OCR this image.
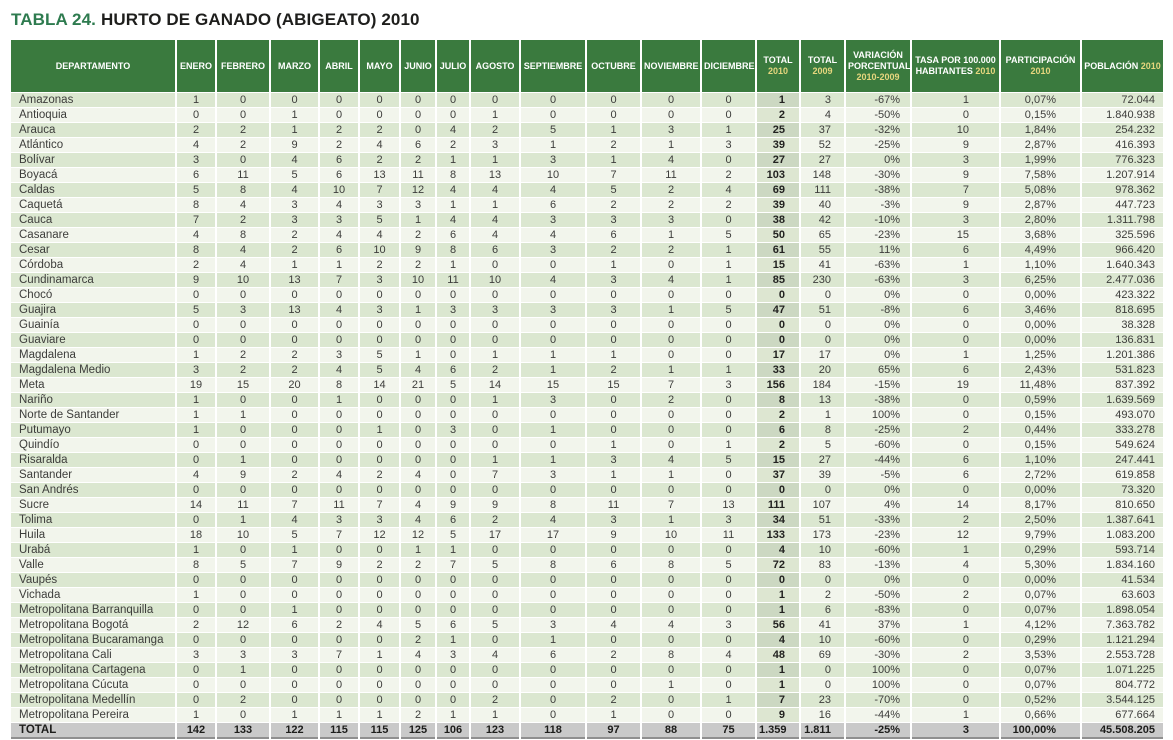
TABLA 24. HURTO DE GANADO (ABIGEATO) 2010
DEPARTAMENTO	ENERO	FEBRERO	MARZO	ABRIL	MAYO	JUNIO	JULIO	AGOSTO	SEPTIEMBRE	OCTUBRE	NOVIEMBRE	DICIEMBRE	TOTAL 2010	TOTAL 2009	VARIACIÓN PORCENTUAL 2010-2009	TASA POR 100.000 HABITANTES 2010	PARTICIPACIÓN 2010	POBLACIÓN 2010
Amazonas	1	0	0	0	0	0	0	0	0	0	0	0	1	3	-67%	1	0,07%	72.044
Antioquia	0	0	1	0	0	0	0	1	0	0	0	0	2	4	-50%	0	0,15%	1.840.938
Arauca	2	2	1	2	2	0	4	2	5	1	3	1	25	37	-32%	10	1,84%	254.232
Atlántico	4	2	9	2	4	6	2	3	1	2	1	3	39	52	-25%	9	2,87%	416.393
Bolívar	3	0	4	6	2	2	1	1	3	1	4	0	27	27	0%	3	1,99%	776.323
Boyacá	6	11	5	6	13	11	8	13	10	7	11	2	103	148	-30%	9	7,58%	1.207.914
Caldas	5	8	4	10	7	12	4	4	4	5	2	4	69	111	-38%	7	5,08%	978.362
Caquetá	8	4	3	4	3	3	1	1	6	2	2	2	39	40	-3%	9	2,87%	447.723
Cauca	7	2	3	3	5	1	4	4	3	3	3	0	38	42	-10%	3	2,80%	1.311.798
Casanare	4	8	2	4	4	2	6	4	4	6	1	5	50	65	-23%	15	3,68%	325.596
Cesar	8	4	2	6	10	9	8	6	3	2	2	1	61	55	11%	6	4,49%	966.420
Córdoba	2	4	1	1	2	2	1	0	0	1	0	1	15	41	-63%	1	1,10%	1.640.343
Cundinamarca	9	10	13	7	3	10	11	10	4	3	4	1	85	230	-63%	3	6,25%	2.477.036
Chocó	0	0	0	0	0	0	0	0	0	0	0	0	0	0	0%	0	0,00%	423.322
Guajira	5	3	13	4	3	1	3	3	3	3	1	5	47	51	-8%	6	3,46%	818.695
Guainía	0	0	0	0	0	0	0	0	0	0	0	0	0	0	0%	0	0,00%	38.328
Guaviare	0	0	0	0	0	0	0	0	0	0	0	0	0	0	0%	0	0,00%	136.831
Magdalena	1	2	2	3	5	1	0	1	1	1	0	0	17	17	0%	1	1,25%	1.201.386
Magdalena Medio	3	2	2	4	5	4	6	2	1	2	1	1	33	20	65%	6	2,43%	531.823
Meta	19	15	20	8	14	21	5	14	15	15	7	3	156	184	-15%	19	11,48%	837.392
Nariño	1	0	0	1	0	0	0	1	3	0	2	0	8	13	-38%	0	0,59%	1.639.569
Norte de Santander	1	1	0	0	0	0	0	0	0	0	0	0	2	1	100%	0	0,15%	493.070
Putumayo	1	0	0	0	1	0	3	0	1	0	0	0	6	8	-25%	2	0,44%	333.278
Quindío	0	0	0	0	0	0	0	0	0	1	0	1	2	5	-60%	0	0,15%	549.624
Risaralda	0	1	0	0	0	0	0	1	1	3	4	5	15	27	-44%	6	1,10%	247.441
Santander	4	9	2	4	2	4	0	7	3	1	1	0	37	39	-5%	6	2,72%	619.858
San Andrés	0	0	0	0	0	0	0	0	0	0	0	0	0	0	0%	0	0,00%	73.320
Sucre	14	11	7	11	7	4	9	9	8	11	7	13	111	107	4%	14	8,17%	810.650
Tolima	0	1	4	3	3	4	6	2	4	3	1	3	34	51	-33%	2	2,50%	1.387.641
Huila	18	10	5	7	12	12	5	17	17	9	10	11	133	173	-23%	12	9,79%	1.083.200
Urabá	1	0	1	0	0	1	1	0	0	0	0	0	4	10	-60%	1	0,29%	593.714
Valle	8	5	7	9	2	2	7	5	8	6	8	5	72	83	-13%	4	5,30%	1.834.160
Vaupés	0	0	0	0	0	0	0	0	0	0	0	0	0	0	0%	0	0,00%	41.534
Vichada	1	0	0	0	0	0	0	0	0	0	0	0	1	2	-50%	2	0,07%	63.603
Metropolitana Barranquilla	0	0	1	0	0	0	0	0	0	0	0	0	1	6	-83%	0	0,07%	1.898.054
Metropolitana Bogotá	2	12	6	2	4	5	6	5	3	4	4	3	56	41	37%	1	4,12%	7.363.782
Metropolitana Bucaramanga	0	0	0	0	0	2	1	0	1	0	0	0	4	10	-60%	0	0,29%	1.121.294
Metropolitana Cali	3	3	3	7	1	4	3	4	6	2	8	4	48	69	-30%	2	3,53%	2.553.728
Metropolitana Cartagena	0	1	0	0	0	0	0	0	0	0	0	0	1	0	100%	0	0,07%	1.071.225
Metropolitana Cúcuta	0	0	0	0	0	0	0	0	0	0	1	0	1	0	100%	0	0,07%	804.772
Metropolitana Medellín	0	2	0	0	0	0	0	2	0	2	0	1	7	23	-70%	0	0,52%	3.544.125
Metropolitana Pereira	1	0	1	1	1	2	1	1	0	1	0	0	9	16	-44%	1	0,66%	677.664
TOTAL	142	133	122	115	115	125	106	123	118	97	88	75	1.359	1.811	-25%	3	100,00%	45.508.205
